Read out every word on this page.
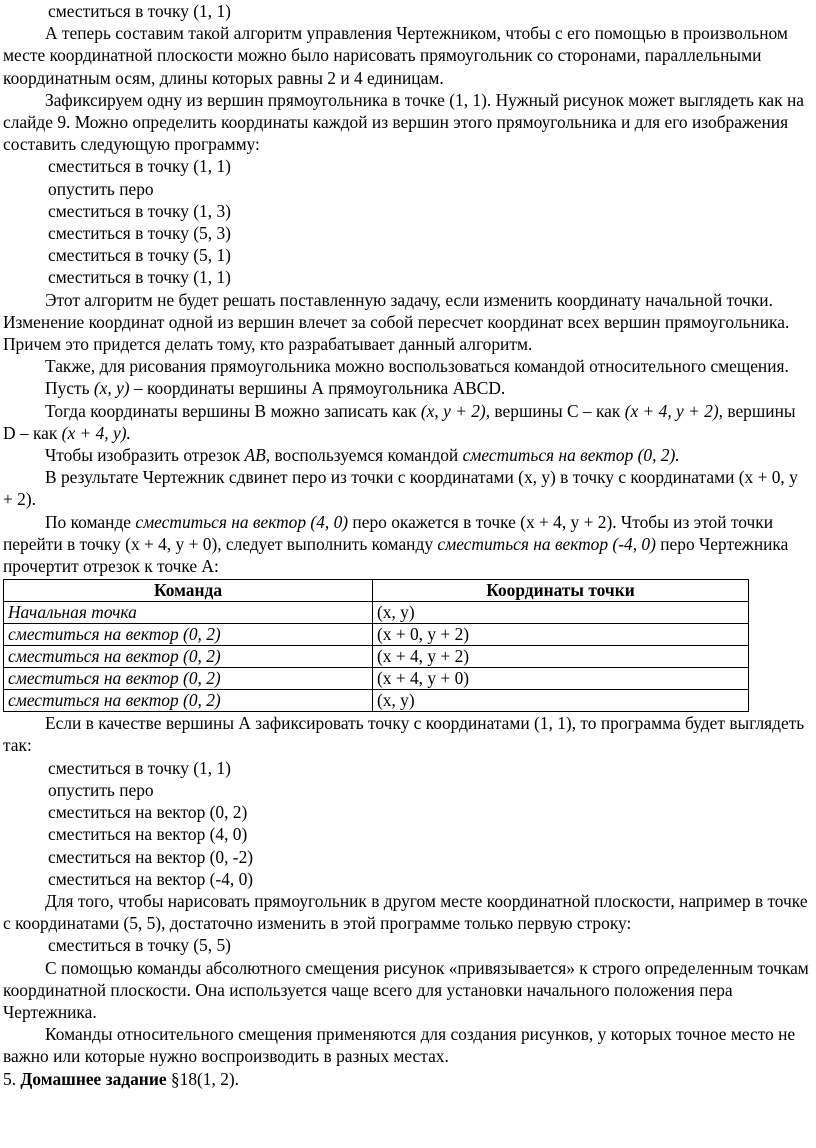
сместиться в точку (1, 1)

А теперь составим такой алгоритм управления Чертежником, чтобы с его помощью в произвольном месте координатной плоскости можно было нарисовать прямоугольник со сторонами, параллельными координатным осям, длины которых равны 2 и 4 единицам.

Зафиксируем одну из вершин прямоугольника в точке (1, 1). Нужный рисунок может выглядеть как на слайде 9. Можно определить координаты каждой из вершин этого прямоугольника и для его изображения составить следующую программу:

сместиться в точку (1, 1)

опустить перо

сместиться в точку (1, 3)

сместиться в точку (5, 3)

сместиться в точку (5, 1)

сместиться в точку (1, 1)

Этот алгоритм не будет решать поставленную задачу, если изменить координату начальной точки. Изменение координат одной из вершин влечет за собой пересчет координат всех вершин прямоугольника. Причем это придется делать тому, кто разрабатывает данный алгоритм.

Также, для рисования прямоугольника можно воспользоваться командой относительного смещения.

Пусть (x, y) – координаты вершины А прямоугольника ABCD.

Тогда координаты вершины В можно записать как (x, y + 2), вершины С – как (x + 4, y + 2), вершины D – как (x + 4, y).

Чтобы изобразить отрезок AB, воспользуемся командой сместиться на вектор (0, 2).

В результате Чертежник сдвинет перо из точки с координатами (x, y) в точку с координатами (x + 0, y + 2).

По команде сместиться на вектор (4, 0) перо окажется в точке (x + 4, y + 2). Чтобы из этой точки перейти в точку (x + 4, y + 0), следует выполнить команду сместиться на вектор (-4, 0) перо Чертежника прочертит отрезок к точке А:

Команда	Координаты точки
Начальная точка	(x, y)
сместиться на вектор (0, 2)	(x + 0, y + 2)
сместиться на вектор (0, 2)	(x + 4, y + 2)
сместиться на вектор (0, 2)	(x + 4, y + 0)
сместиться на вектор (0, 2)	(x, y)

Если в качестве вершины А зафиксировать точку с координатами (1, 1), то программа будет выглядеть так:

сместиться в точку (1, 1)

опустить перо

сместиться на вектор (0, 2)

сместиться на вектор (4, 0)

сместиться на вектор (0, -2)

сместиться на вектор (-4, 0)

Для того, чтобы нарисовать прямоугольник в другом месте координатной плоскости, например в точке с координатами (5, 5), достаточно изменить в этой программе только первую строку:

сместиться в точку (5, 5)

С помощью команды абсолютного смещения рисунок «привязывается» к строго определенным точкам координатной плоскости. Она используется чаще всего для установки начального положения пера Чертежника.

Команды относительного смещения применяются для создания рисунков, у которых точное место не важно или которые нужно воспроизводить в разных местах.

5. Домашнее задание §18(1, 2).
